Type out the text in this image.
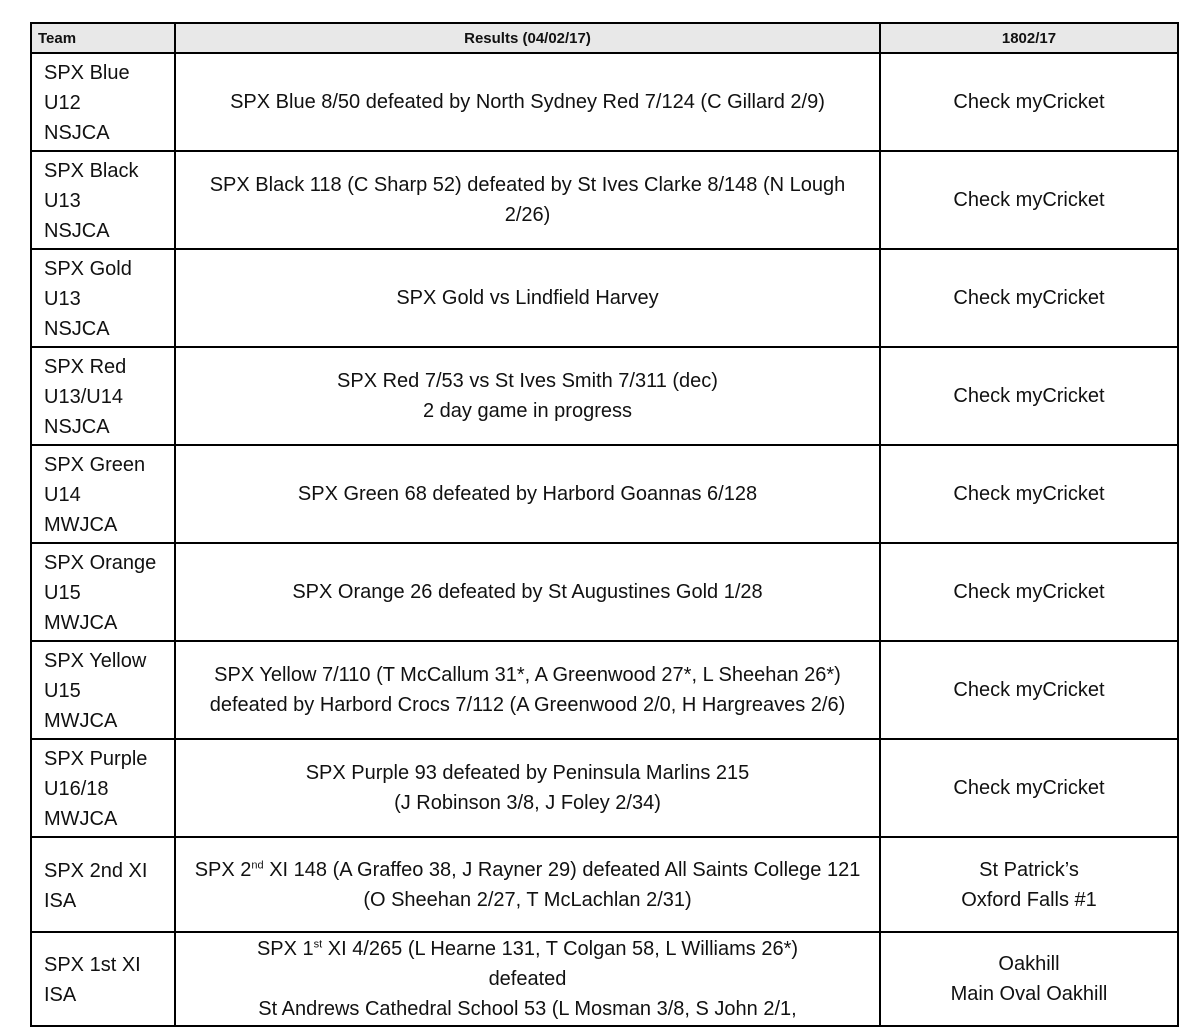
Team	Results (04/02/17)	1802/17

SPX Blue
U12
NSJCA	SPX Blue 8/50 defeated by North Sydney Red 7/124 (C Gillard 2/9)	Check myCricket

SPX Black
U13
NSJCA	SPX Black 118 (C Sharp 52) defeated by St Ives Clarke 8/148 (N Lough 2/26)	Check myCricket

SPX Gold
U13
NSJCA	SPX Gold vs Lindfield Harvey	Check myCricket

SPX Red
U13/U14
NSJCA	SPX Red 7/53 vs St Ives Smith 7/311 (dec)
2 day game in progress	Check myCricket

SPX Green
U14
MWJCA	SPX Green 68 defeated by Harbord Goannas 6/128	Check myCricket

SPX Orange
U15
MWJCA	SPX Orange 26 defeated by St Augustines Gold 1/28	Check myCricket

SPX Yellow
U15
MWJCA	SPX Yellow 7/110 (T McCallum 31*, A Greenwood 27*, L Sheehan 26*) defeated by Harbord Crocs 7/112 (A Greenwood 2/0, H Hargreaves 2/6)	Check myCricket

SPX Purple
U16/18
MWJCA	SPX Purple 93 defeated by Peninsula Marlins 215
(J Robinson 3/8, J Foley 2/34)	Check myCricket

SPX 2nd XI
ISA	SPX 2nd XI 148 (A Graffeo 38, J Rayner 29) defeated All Saints College 121 (O Sheehan 2/27, T McLachlan 2/31)	St Patrick’s
Oxford Falls #1

SPX 1st XI
ISA	SPX 1st XI 4/265 (L Hearne 131, T Colgan 58, L Williams 26*)
defeated
St Andrews Cathedral School 53 (L Mosman 3/8, S John 2/1,	Oakhill
Main Oval Oakhill
